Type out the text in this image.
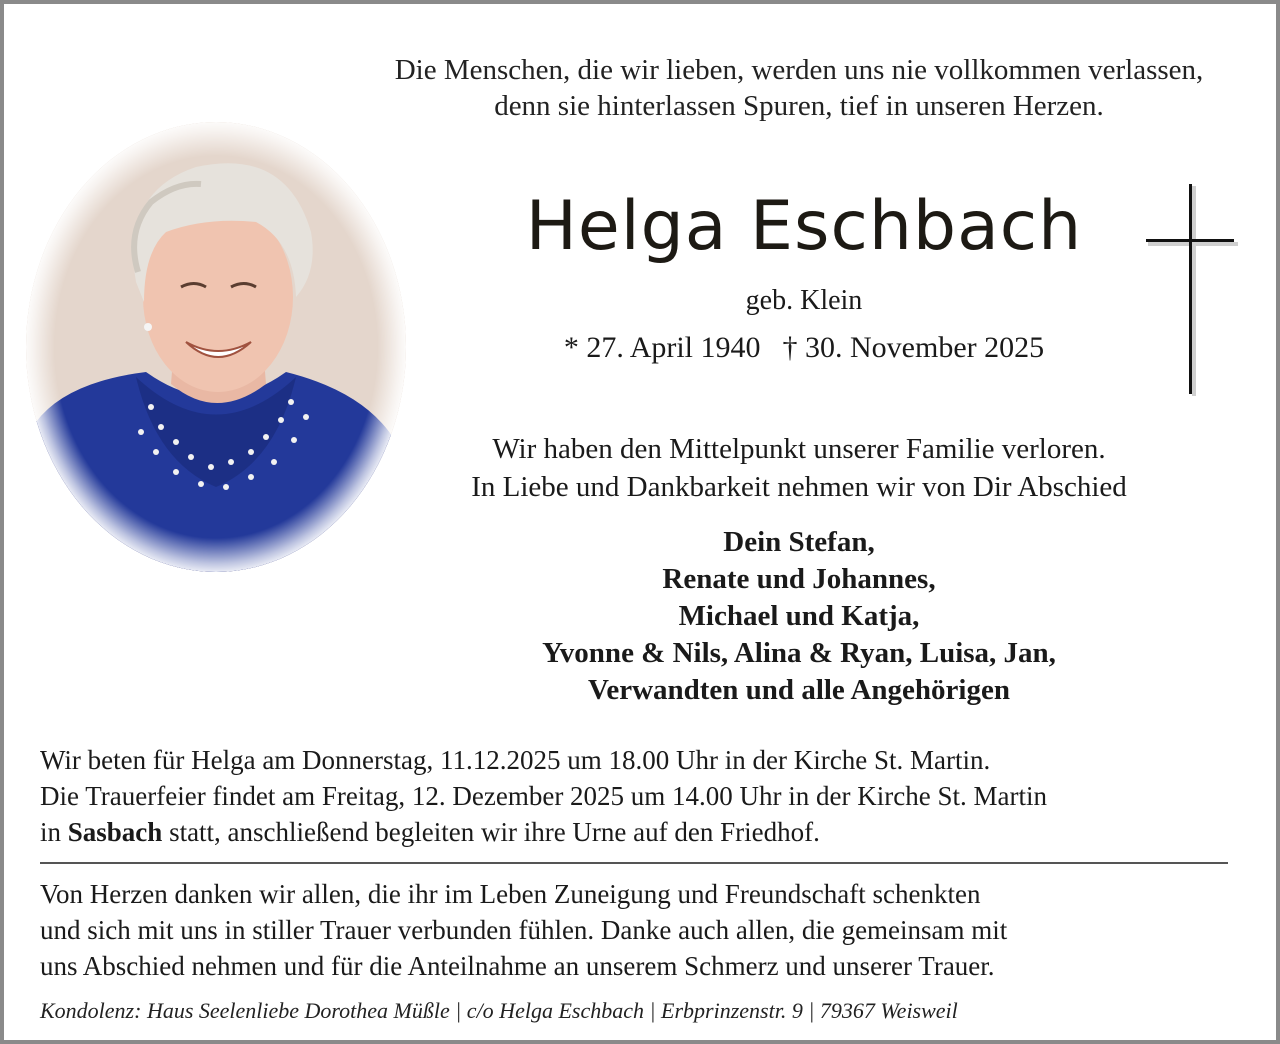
Die Menschen, die wir lieben, werden uns nie vollkommen verlassen,
denn sie hinterlassen Spuren, tief in unseren Herzen.
Helga Eschbach
geb. Klein
* 27. April 1940 † 30. November 2025
Wir haben den Mittelpunkt unserer Familie verloren.
In Liebe und Dankbarkeit nehmen wir von Dir Abschied
Dein Stefan,
Renate und Johannes,
Michael und Katja,
Yvonne & Nils, Alina & Ryan, Luisa, Jan,
Verwandten und alle Angehörigen
Wir beten für Helga am Donnerstag, 11.12.2025 um 18.00 Uhr in der Kirche St. Martin.
Die Trauerfeier findet am Freitag, 12. Dezember 2025 um 14.00 Uhr in der Kirche St. Martin
in Sasbach statt, anschließend begleiten wir ihre Urne auf den Friedhof.
Von Herzen danken wir allen, die ihr im Leben Zuneigung und Freundschaft schenkten
und sich mit uns in stiller Trauer verbunden fühlen. Danke auch allen, die gemeinsam mit
uns Abschied nehmen und für die Anteilnahme an unserem Schmerz und unserer Trauer.
Kondolenz: Haus Seelenliebe Dorothea Müßle | c/o Helga Eschbach | Erbprinzenstr. 9 | 79367 Weisweil
